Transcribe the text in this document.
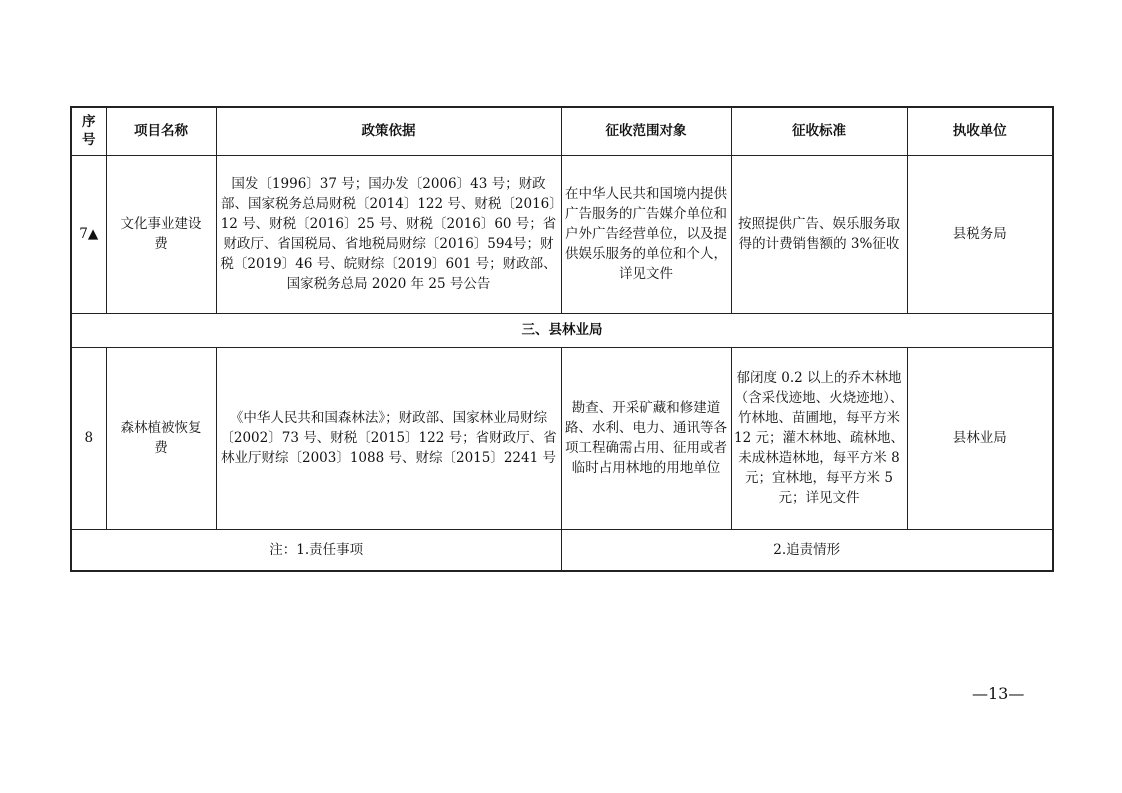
序号	项目名称	政策依据	征收范围对象	征收标准	执收单位
7▲	文化事业建设费	国发〔1996〕37 号；国办发〔2006〕43 号；财政部、国家税务总局财税〔2014〕122 号、财税〔2016〕12 号、财税〔2016〕25 号、财税〔2016〕60 号；省财政厅、省国税局、省地税局财综〔2016〕594号；财税〔2019〕46 号、皖财综〔2019〕601 号；财政部、国家税务总局 2020 年 25 号公告	在中华人民共和国境内提供广告服务的广告媒介单位和户外广告经营单位，以及提供娱乐服务的单位和个人，详见文件	按照提供广告、娱乐服务取得的计费销售额的 3%征收	县税务局
三、县林业局					
8	森林植被恢复费	《中华人民共和国森林法》；财政部、国家林业局财综〔2002〕73 号、财税〔2015〕122 号；省财政厅、省林业厅财综〔2003〕1088 号、财综〔2015〕2241 号	勘查、开采矿藏和修建道路、水利、电力、通讯等各项工程确需占用、征用或者临时占用林地的用地单位	郁闭度 0.2 以上的乔木林地（含采伐迹地、火烧迹地）、竹林地、苗圃地，每平方米 12 元；灌木林地、疏林地、未成林造林地，每平方米 8 元；宜林地，每平方米 5 元；详见文件	县林业局
注：1.责任事项			2.追责情形		
—13—
